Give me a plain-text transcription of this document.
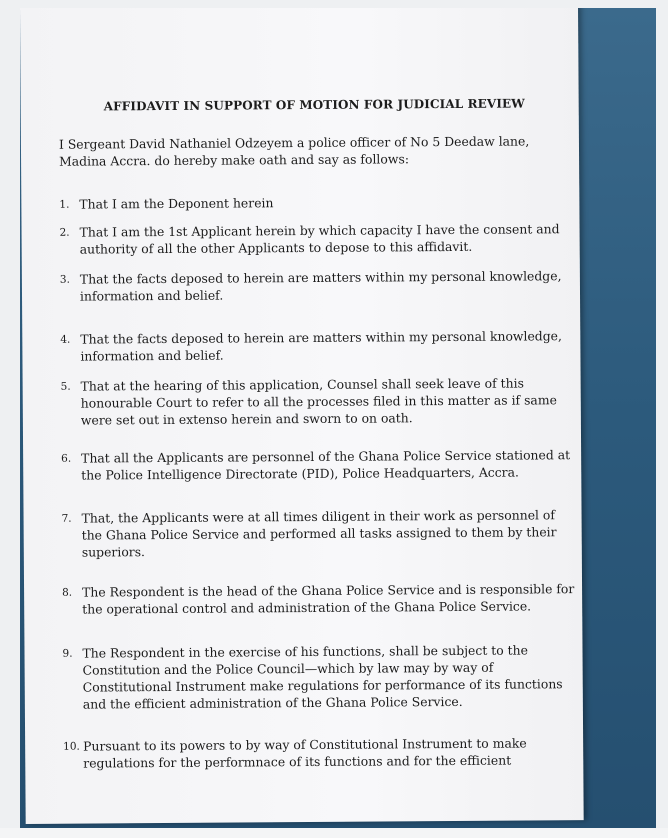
AFFIDAVIT IN SUPPORT OF MOTION FOR JUDICIAL REVIEW
I Sergeant David Nathaniel Odzeyem a police officer of No 5 Deedaw lane,
Madina Accra. do hereby make oath and say as follows:
1. That I am the Deponent herein
2. That I am the 1st Applicant herein by which capacity I have the consent and
authority of all the other Applicants to depose to this affidavit.
3. That the facts deposed to herein are matters within my personal knowledge,
information and belief.
4. That the facts deposed to herein are matters within my personal knowledge,
information and belief.
5. That at the hearing of this application, Counsel shall seek leave of this
honourable Court to refer to all the processes filed in this matter as if same
were set out in extenso herein and sworn to on oath.
6. That all the Applicants are personnel of the Ghana Police Service stationed at
the Police Intelligence Directorate (PID), Police Headquarters, Accra.
7. That, the Applicants were at all times diligent in their work as personnel of
the Ghana Police Service and performed all tasks assigned to them by their
superiors.
8. The Respondent is the head of the Ghana Police Service and is responsible for
the operational control and administration of the Ghana Police Service.
9. The Respondent in the exercise of his functions, shall be subject to the
Constitution and the Police Council—which by law may by way of
Constitutional Instrument make regulations for performance of its functions
and the efficient administration of the Ghana Police Service.
10. Pursuant to its powers to by way of Constitutional Instrument to make
regulations for the performnace of its functions and for the efficient
